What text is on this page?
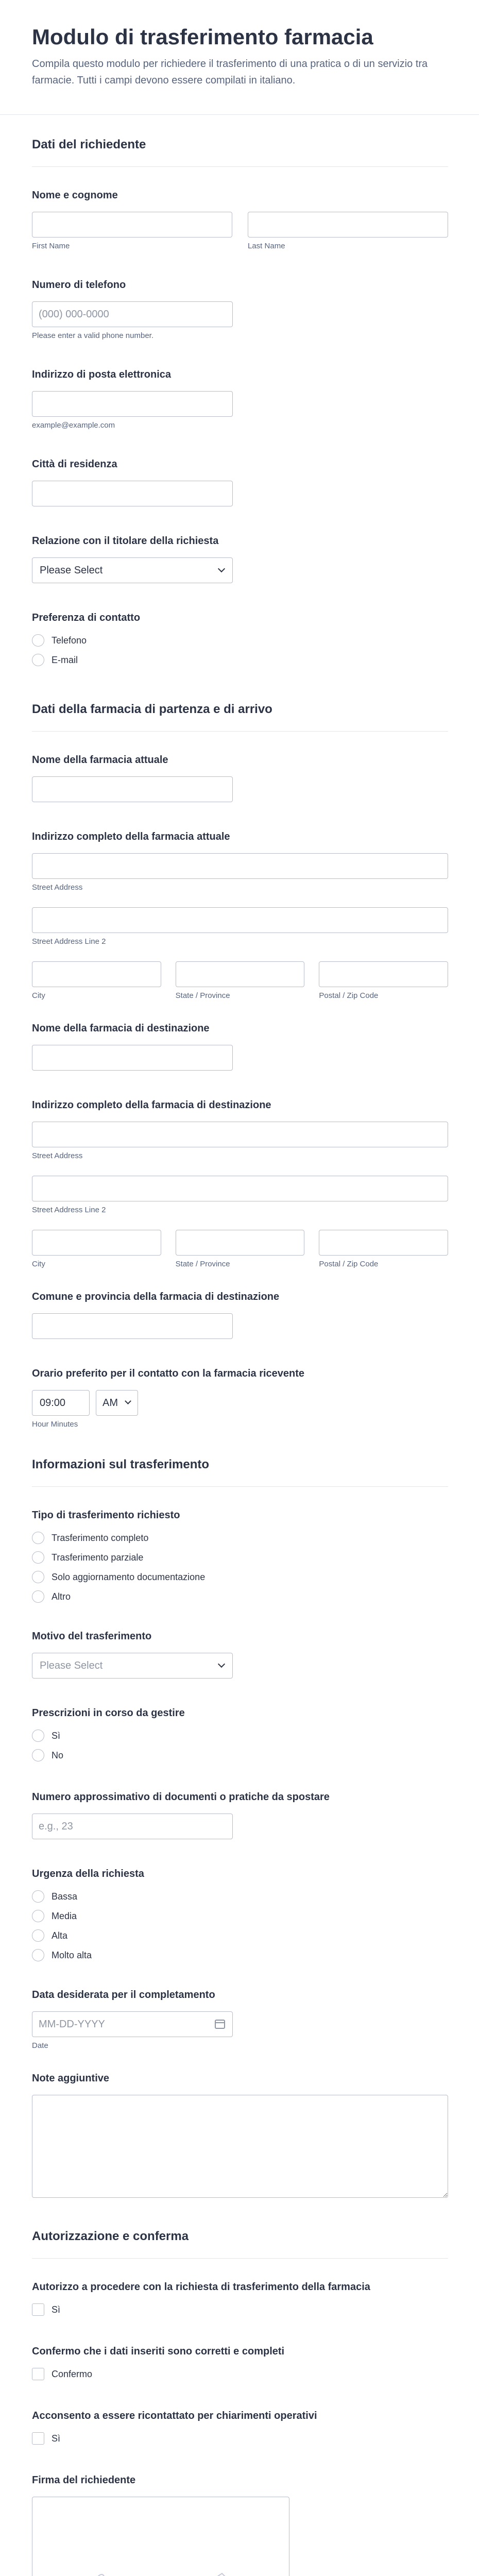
Modulo di trasferimento farmacia

Compila questo modulo per richiedere il trasferimento di una pratica o di un servizio tra farmacie. Tutti i campi devono essere compilati in italiano.

Dati del richiedente
Nome e cognome
First Name	Last Name
Numero di telefono
(000) 000-0000
Please enter a valid phone number.
Indirizzo di posta elettronica
example@example.com
Città di residenza
Relazione con il titolare della richiesta
Please Select
Preferenza di contatto
Telefono
E-mail
Dati della farmacia di partenza e di arrivo
Nome della farmacia attuale
Indirizzo completo della farmacia attuale
Street Address
Street Address Line 2
City	State / Province	Postal / Zip Code
Nome della farmacia di destinazione
Indirizzo completo della farmacia di destinazione
Street Address
Street Address Line 2
City	State / Province	Postal / Zip Code
Comune e provincia della farmacia di destinazione
Orario preferito per il contatto con la farmacia ricevente
09:00	AM
Hour Minutes
Informazioni sul trasferimento
Tipo di trasferimento richiesto
Trasferimento completo
Trasferimento parziale
Solo aggiornamento documentazione
Altro
Motivo del trasferimento
Please Select
Prescrizioni in corso da gestire
Sì
No
Numero approssimativo di documenti o pratiche da spostare
e.g., 23
Urgenza della richiesta
Bassa
Media
Alta
Molto alta
Data desiderata per il completamento
MM-DD-YYYY
Date
Note aggiuntive
Autorizzazione e conferma
Autorizzo a procedere con la richiesta di trasferimento della farmacia
Sì
Confermo che i dati inseriti sono corretti e completi
Confermo
Acconsento a essere ricontattato per chiarimenti operativi
Sì
Firma del richiedente
